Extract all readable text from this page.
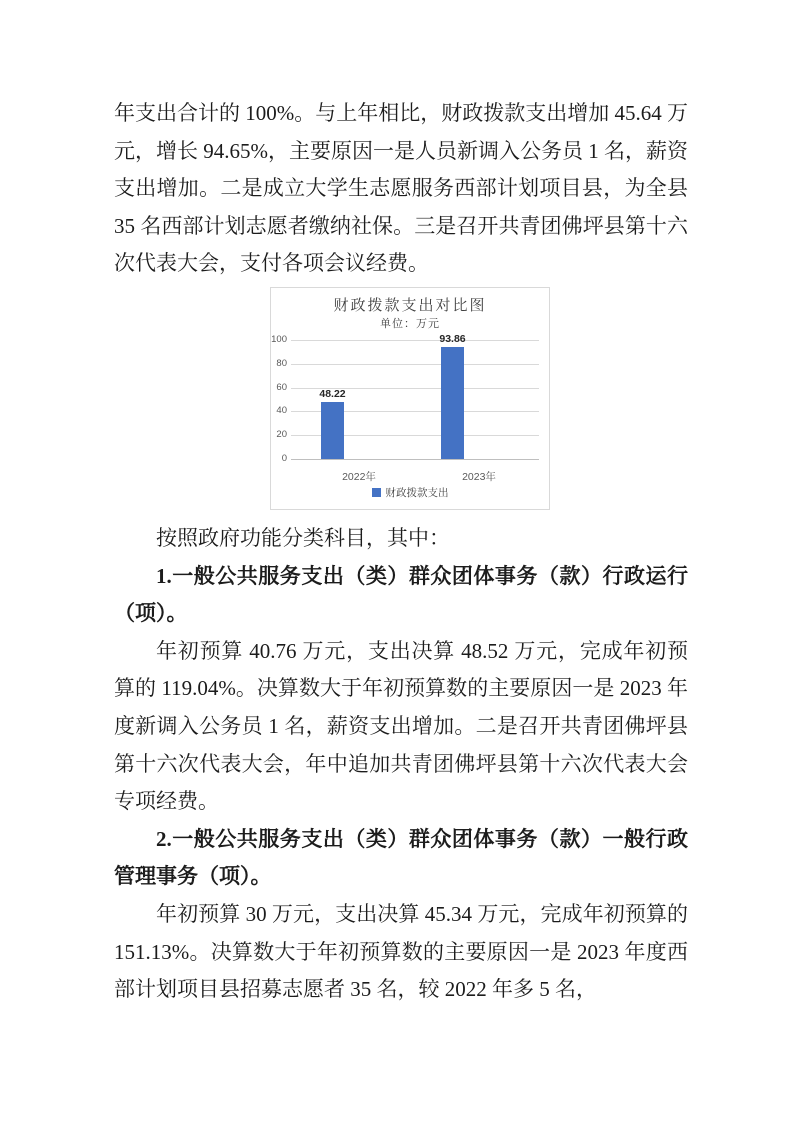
年支出合计的 100%。与上年相比，财政拨款支出增加 45.64 万元，增长 94.65%，主要原因一是人员新调入公务员 1 名，薪资支出增加。二是成立大学生志愿服务西部计划项目县，为全县 35 名西部计划志愿者缴纳社保。三是召开共青团佛坪县第十六次代表大会，支付各项会议经费。

财政拨款支出对比图
单位：万元
财政拨款支出
0
20
40
60
80
100
48.22
2022年
93.86
2023年

按照政府功能分类科目，其中：

1.一般公共服务支出（类）群众团体事务（款）行政运行（项）。

年初预算 40.76 万元，支出决算 48.52 万元，完成年初预算的 119.04%。决算数大于年初预算数的主要原因一是 2023 年度新调入公务员 1 名，薪资支出增加。二是召开共青团佛坪县第十六次代表大会，年中追加共青团佛坪县第十六次代表大会专项经费。

2.一般公共服务支出（类）群众团体事务（款）一般行政管理事务（项）。

年初预算 30 万元，支出决算 45.34 万元，完成年初预算的 151.13%。决算数大于年初预算数的主要原因一是 2023 年度西部计划项目县招募志愿者 35 名，较 2022 年多 5 名，
